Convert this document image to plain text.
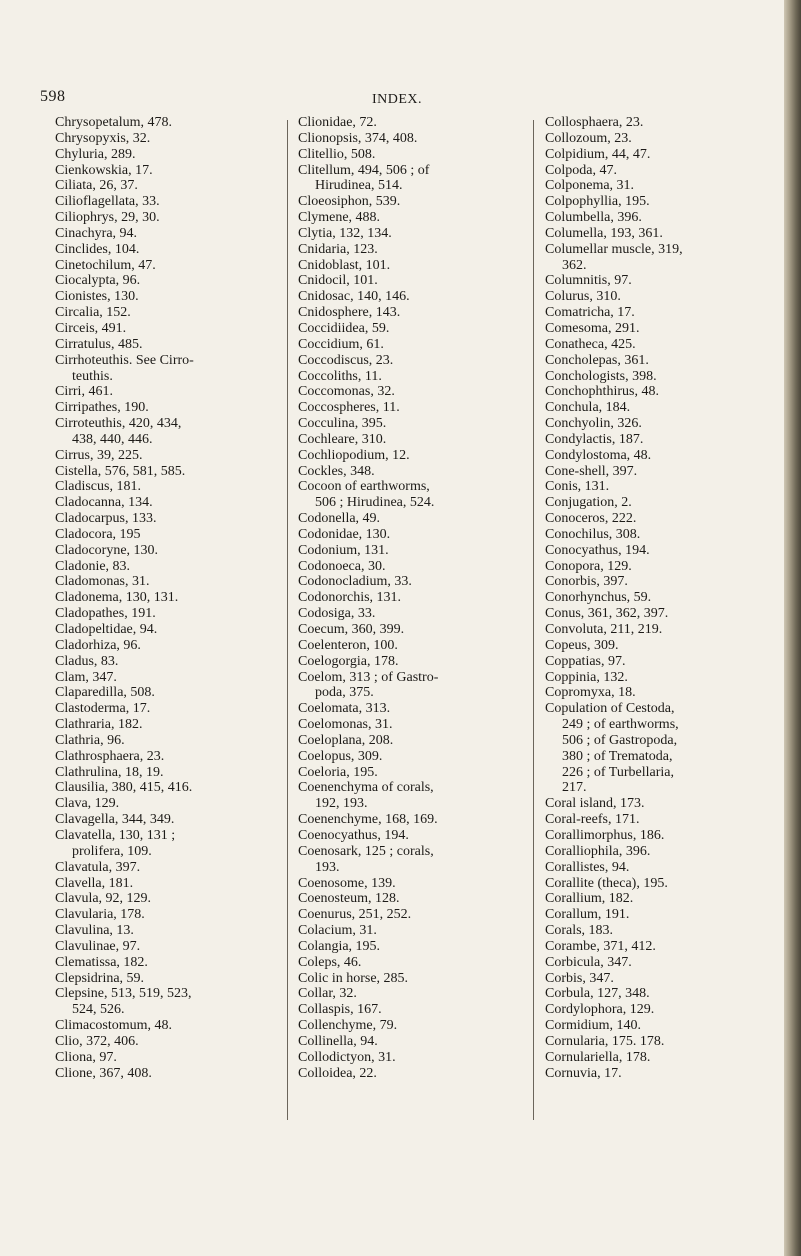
598	INDEX.
Chrysopetalum, 478.
Chrysopyxis, 32.
Chyluria, 289.
Cienkowskia, 17.
Ciliata, 26, 37.
Cilioflagellata, 33.
Ciliophrys, 29, 30.
Cinachyra, 94.
Cinclides, 104.
Cinetochilum, 47.
Ciocalypta, 96.
Cionistes, 130.
Circalia, 152.
Circeis, 491.
Cirratulus, 485.
Cirrhoteuthis. See Cirro-
teuthis.
Cirri, 461.
Cirripathes, 190.
Cirroteuthis, 420, 434,
438, 440, 446.
Cirrus, 39, 225.
Cistella, 576, 581, 585.
Cladiscus, 181.
Cladocanna, 134.
Cladocarpus, 133.
Cladocora, 195
Cladocoryne, 130.
Cladonie, 83.
Cladomonas, 31.
Cladonema, 130, 131.
Cladopathes, 191.
Cladopeltidae, 94.
Cladorhiza, 96.
Cladus, 83.
Clam, 347.
Claparedilla, 508.
Clastoderma, 17.
Clathraria, 182.
Clathria, 96.
Clathrosphaera, 23.
Clathrulina, 18, 19.
Clausilia, 380, 415, 416.
Clava, 129.
Clavagella, 344, 349.
Clavatella, 130, 131 ;
prolifera, 109.
Clavatula, 397.
Clavella, 181.
Clavula, 92, 129.
Clavularia, 178.
Clavulina, 13.
Clavulinae, 97.
Clematissa, 182.
Clepsidrina, 59.
Clepsine, 513, 519, 523,
524, 526.
Climacostomum, 48.
Clio, 372, 406.
Cliona, 97.
Clione, 367, 408.
Clionidae, 72.
Clionopsis, 374, 408.
Clitellio, 508.
Clitellum, 494, 506 ; of
Hirudinea, 514.
Cloeosiphon, 539.
Clymene, 488.
Clytia, 132, 134.
Cnidaria, 123.
Cnidoblast, 101.
Cnidocil, 101.
Cnidosac, 140, 146.
Cnidosphere, 143.
Coccidiidea, 59.
Coccidium, 61.
Coccodiscus, 23.
Coccoliths, 11.
Coccomonas, 32.
Coccospheres, 11.
Cocculina, 395.
Cochleare, 310.
Cochliopodium, 12.
Cockles, 348.
Cocoon of earthworms,
506 ; Hirudinea, 524.
Codonella, 49.
Codonidae, 130.
Codonium, 131.
Codonoeca, 30.
Codonocladium, 33.
Codonorchis, 131.
Codosiga, 33.
Coecum, 360, 399.
Coelenteron, 100.
Coelogorgia, 178.
Coelom, 313 ; of Gastro-
poda, 375.
Coelomata, 313.
Coelomonas, 31.
Coeloplana, 208.
Coelopus, 309.
Coeloria, 195.
Coenenchyma of corals,
192, 193.
Coenenchyme, 168, 169.
Coenocyathus, 194.
Coenosark, 125 ; corals,
193.
Coenosome, 139.
Coenosteum, 128.
Coenurus, 251, 252.
Colacium, 31.
Colangia, 195.
Coleps, 46.
Colic in horse, 285.
Collar, 32.
Collaspis, 167.
Collenchyme, 79.
Collinella, 94.
Collodictyon, 31.
Colloidea, 22.
Collosphaera, 23.
Collozoum, 23.
Colpidium, 44, 47.
Colpoda, 47.
Colponema, 31.
Colpophyllia, 195.
Columbella, 396.
Columella, 193, 361.
Columellar muscle, 319,
362.
Columnitis, 97.
Colurus, 310.
Comatricha, 17.
Comesoma, 291.
Conatheca, 425.
Concholepas, 361.
Conchologists, 398.
Conchophthirus, 48.
Conchula, 184.
Conchyolin, 326.
Condylactis, 187.
Condylostoma, 48.
Cone-shell, 397.
Conis, 131.
Conjugation, 2.
Conoceros, 222.
Conochilus, 308.
Conocyathus, 194.
Conopora, 129.
Conorbis, 397.
Conorhynchus, 59.
Conus, 361, 362, 397.
Convoluta, 211, 219.
Copeus, 309.
Coppatias, 97.
Coppinia, 132.
Copromyxa, 18.
Copulation of Cestoda,
249 ; of earthworms,
506 ; of Gastropoda,
380 ; of Trematoda,
226 ; of Turbellaria,
217.
Coral island, 173.
Coral-reefs, 171.
Corallimorphus, 186.
Coralliophila, 396.
Corallistes, 94.
Corallite (theca), 195.
Corallium, 182.
Corallum, 191.
Corals, 183.
Corambe, 371, 412.
Corbicula, 347.
Corbis, 347.
Corbula, 127, 348.
Cordylophora, 129.
Cormidium, 140.
Cornularia, 175. 178.
Cornulariella, 178.
Cornuvia, 17.
